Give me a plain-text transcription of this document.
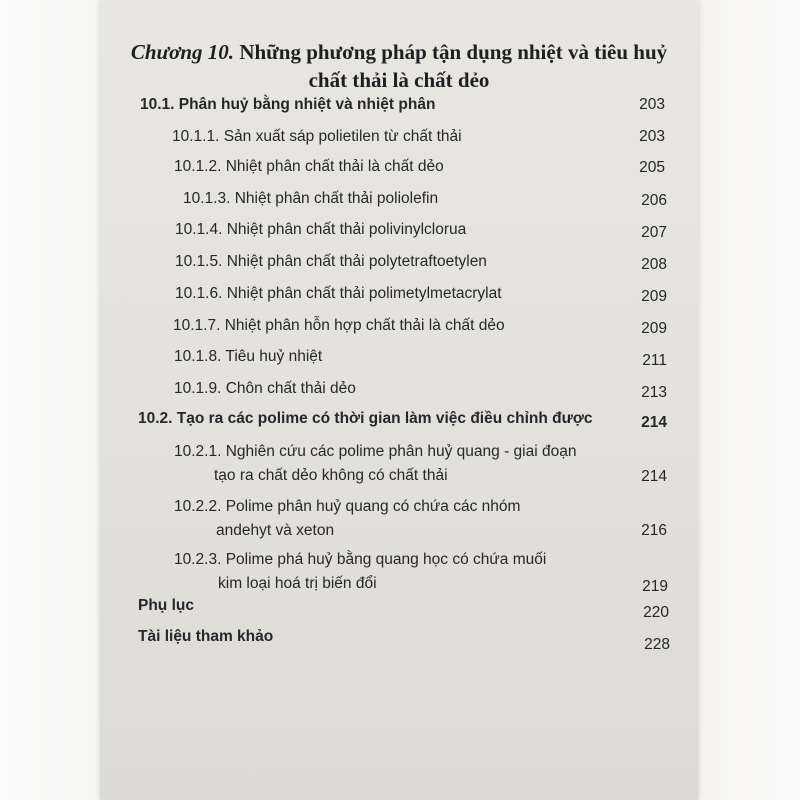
Chương 10. Những phương pháp tận dụng nhiệt và tiêu huỷ
chất thải là chất dẻo
10.1. Phân huỷ bằng nhiệt và nhiệt phân	203
10.1.1. Sản xuất sáp polietilen từ chất thải	203
10.1.2. Nhiệt phân chất thải là chất dẻo	205
10.1.3. Nhiệt phân chất thải poliolefin	206
10.1.4. Nhiệt phân chất thải polivinylclorua	207
10.1.5. Nhiệt phân chất thải polytetraftoetylen	208
10.1.6. Nhiệt phân chất thải polimetylmetacrylat	209
10.1.7. Nhiệt phân hỗn hợp chất thải là chất dẻo	209
10.1.8. Tiêu huỷ nhiệt	211
10.1.9. Chôn chất thải dẻo	213
10.2. Tạo ra các polime có thời gian làm việc điều chỉnh được	214
10.2.1. Nghiên cứu các polime phân huỷ quang - giai đoạn
tạo ra chất dẻo không có chất thải	214
10.2.2. Polime phân huỷ quang có chứa các nhóm
andehyt và xeton	216
10.2.3. Polime phá huỷ bằng quang học có chứa muối
kim loại hoá trị biến đổi	219
Phụ lục	220
Tài liệu tham khảo	228
